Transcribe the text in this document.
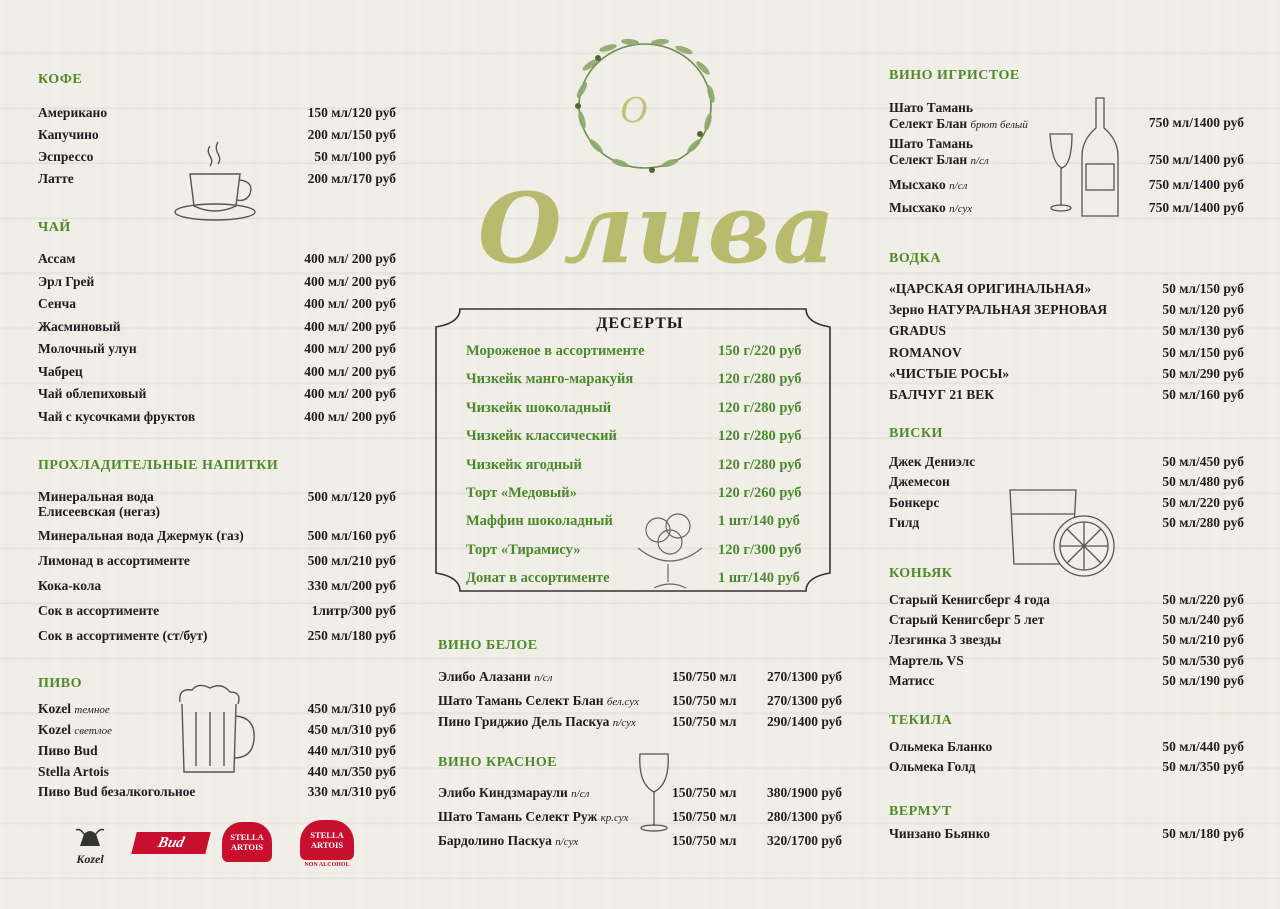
O
Олива
КОФЕ
Американо	150 мл/120 руб
Капучино	200 мл/150 руб
Эспрессо	50 мл/100 руб
Латте	200 мл/170 руб
ЧАЙ
Ассам	400 мл/ 200 руб
Эрл Грей	400 мл/ 200 руб
Сенча	400 мл/ 200 руб
Жасминовый	400 мл/ 200 руб
Молочный улун	400 мл/ 200 руб
Чабрец	400 мл/ 200 руб
Чай облепиховый	400 мл/ 200 руб
Чай с кусочками фруктов	400 мл/ 200 руб
ПРОХЛАДИТЕЛЬНЫЕ НАПИТКИ
Минеральная вода
Елисеевская (негаз)
500 мл/120 руб
Минеральная вода Джермук (газ)	500 мл/160 руб
Лимонад в ассортименте	500 мл/210 руб
Кока-кола	330 мл/200 руб
Сок в ассортименте	1литр/300 руб
Сок в ассортименте (ст/бут)	250 мл/180 руб
ПИВО
Kozel темное	450 мл/310 руб
Kozel светлое	450 мл/310 руб
Пиво Bud	440 мл/310 руб
Stella Artois	440 мл/350 руб
Пиво Bud безалкогольное	330 мл/310 руб
Kozel
Bud	STELLA ARTOIS
STELLA ARTOIS
NON ALCOHOL
ДЕСЕРТЫ
Мороженое в ассортименте	150 г/220 руб
Чизкейк манго-маракуйя	120 г/280 руб
Чизкейк шоколадный	120 г/280 руб
Чизкейк классический	120 г/280 руб
Чизкейк ягодный	120 г/280 руб
Торт «Медовый»	120 г/260 руб
Маффин шоколадный	1 шт/140 руб
Торт «Тирамису»	120 г/300 руб
Донат в ассортименте	1 шт/140 руб
ВИНО БЕЛОЕ
Элибо Алазани п/сл	150/750 мл 270/1300 руб
Шато Тамань Селект Блан бел.сух 150/750 мл 270/1300 руб
Пино Гриджио Дель Паскуа п/сух	150/750 мл 290/1400 руб
ВИНО КРАСНОЕ
Элибо Киндзмараули п/сл	150/750 мл 380/1900 руб
Шато Тамань Селект Руж кр.сух	150/750 мл 280/1300 руб
Бардолино Паскуа п/сух	150/750 мл 320/1700 руб
ВИНО ИГРИСТОЕ
Шато Тамань
Селект Блан брют белый	750 мл/1400 руб
Шато Тамань
Селект Блан п/сл	750 мл/1400 руб
Мысхако п/сл	750 мл/1400 руб
Мысхако п/сух	750 мл/1400 руб
ВОДКА
«ЦАРСКАЯ ОРИГИНАЛЬНАЯ»	50 мл/150 руб
Зерно НАТУРАЛЬНАЯ ЗЕРНОВАЯ	50 мл/120 руб
GRADUS	50 мл/130 руб
ROMANOV	50 мл/150 руб
«ЧИСТЫЕ РОСЫ»	50 мл/290 руб
БАЛЧУГ 21 ВЕК	50 мл/160 руб
ВИСКИ
Джек Дениэлс	50 мл/450 руб
Джемесон	50 мл/480 руб
Бонкерс	50 мл/220 руб
Гилд	50 мл/280 руб
КОНЬЯК
Старый Кенигсберг 4 года	50 мл/220 руб
Старый Кенигсберг 5 лет	50 мл/240 руб
Лезгинка 3 звезды	50 мл/210 руб
Мартель VS	50 мл/530 руб
Матисс	50 мл/190 руб
ТЕКИЛА
Ольмека Бланко	50 мл/440 руб
Ольмека Голд	50 мл/350 руб
ВЕРМУТ
Чинзано Бьянко	50 мл/180 руб
